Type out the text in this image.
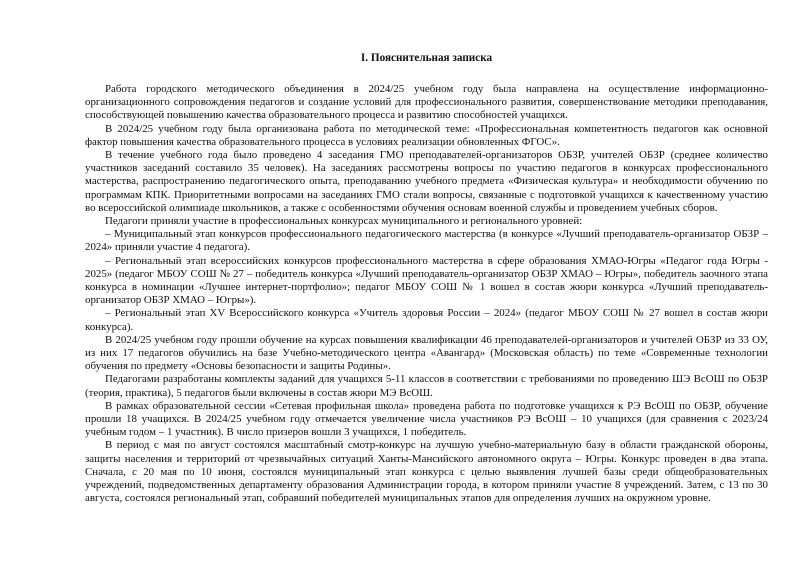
I. Пояснительная записка

Работа городского методического объединения в 2024/25 учебном году была направлена на осуществление информационно-организационного сопровождения педагогов и создание условий для профессионального развития, совершенствование методики преподавания, способствующей повышению качества образовательного процесса и развитию способностей учащихся.

В 2024/25 учебном году была организована работа по методической теме: «Профессиональная компетентность педагогов как основной фактор повышения качества образовательного процесса в условиях реализации обновленных ФГОС».

В течение учебного года было проведено 4 заседания ГМО преподавателей-организаторов ОБЗР, учителей ОБЗР (среднее количество участников заседаний составило 35 человек). На заседаниях рассмотрены вопросы по участию педагогов в конкурсах профессионального мастерства, распространению педагогического опыта, преподаванию учебного предмета «Физическая культура» и необходимости обучению по программам КПК. Приоритетными вопросами на заседаниях ГМО стали вопросы, связанные с подготовкой учащихся к качественному участию во всероссийской олимпиаде школьников, а также с особенностями обучения основам военной службы и проведением учебных сборов.

Педагоги приняли участие в профессиональных конкурсах муниципального и регионального уровней:

– Муниципальный этап конкурсов профессионального педагогического мастерства (в конкурсе «Лучший преподаватель-организатор ОБЗР – 2024» приняли участие 4 педагога).

– Региональный этап всероссийских конкурсов профессионального мастерства в сфере образования ХМАО-Югры «Педагог года Югры - 2025» (педагог МБОУ СОШ № 27 – победитель конкурса «Лучший преподаватель-организатор ОБЗР ХМАО – Югры», победитель заочного этапа конкурса в номинации «Лучшее интернет-портфолио»; педагог МБОУ СОШ № 1 вошел в состав жюри конкурса «Лучший преподаватель-организатор ОБЗР ХМАО – Югры»).

– Региональный этап XV Всероссийского конкурса «Учитель здоровья России – 2024» (педагог МБОУ СОШ № 27 вошел в состав жюри конкурса).

В 2024/25 учебном году прошли обучение на курсах повышения квалификации 46 преподавателей-организаторов и учителей ОБЗР из 33 ОУ, из них 17 педагогов обучились на базе Учебно-методического центра «Авангард» (Московская область) по теме «Современные технологии обучения по предмету «Основы безопасности и защиты Родины».

Педагогами разработаны комплекты заданий для учащихся 5-11 классов в соответствии с требованиями по проведению ШЭ ВсОШ по ОБЗР (теория, практика), 5 педагогов были включены в состав жюри МЭ ВсОШ.

В рамках образовательной сессии «Сетевая профильная школа» проведена работа по подготовке учащихся к РЭ ВсОШ по ОБЗР, обучение прошли 18 учащихся. В 2024/25 учебном году отмечается увеличение числа участников РЭ ВсОШ – 10 учащихся (для сравнения с 2023/24 учебным годом – 1 участник). В число призеров вошли 3 учащихся, 1 победитель.

В период с мая по август состоялся масштабный смотр-конкурс на лучшую учебно-материальную базу в области гражданской обороны, защиты населения и территорий от чрезвычайных ситуаций Ханты-Мансийского автономного округа – Югры. Конкурс проведен в два этапа. Сначала, с 20 мая по 10 июня, состоялся муниципальный этап конкурса с целью выявления лучшей базы среди общеобразовательных учреждений, подведомственных департаменту образования Администрации города, в котором приняли участие 8 учреждений. Затем, с 13 по 30 августа, состоялся региональный этап, собравший победителей муниципальных этапов для определения лучших на окружном уровне.
